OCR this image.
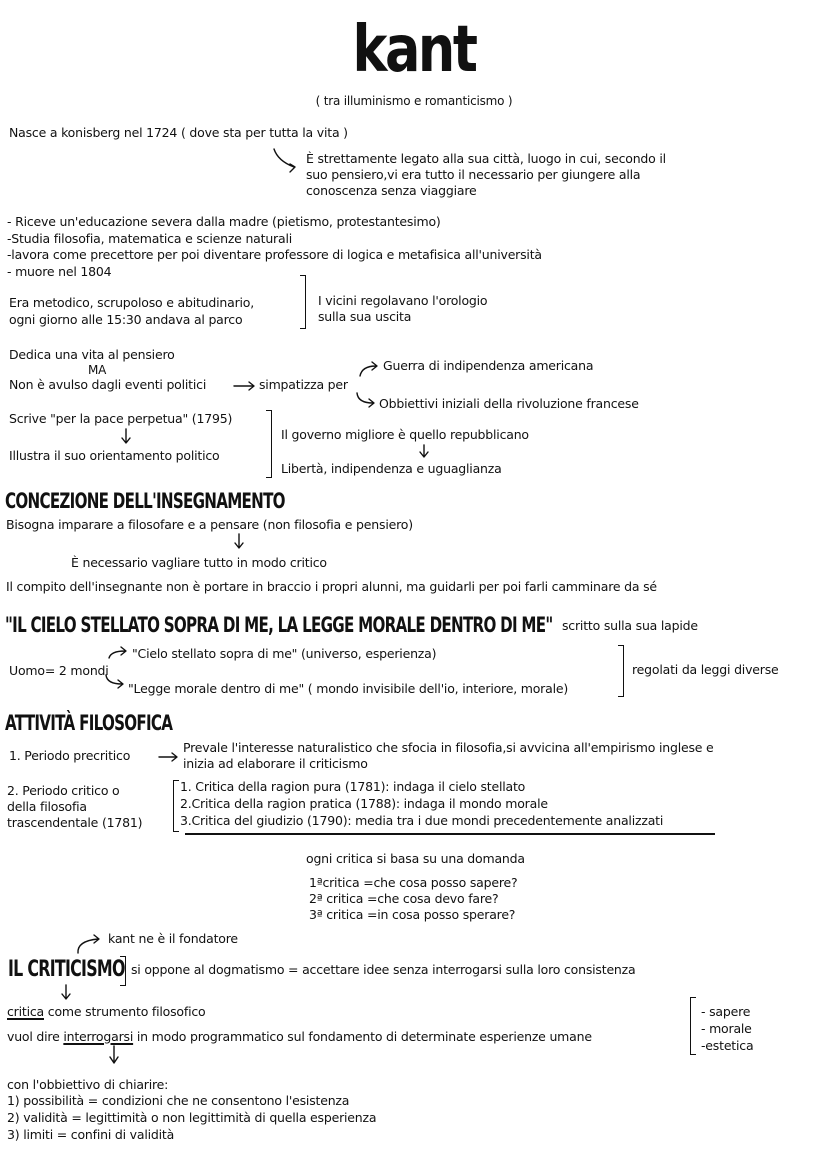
kant
( tra illuminismo e romanticismo )
Nasce a konisberg nel 1724 ( dove sta per tutta la vita )
È strettamente legato alla sua città, luogo in cui, secondo il
suo pensiero,vi era tutto il necessario per giungere alla
conoscenza senza viaggiare
- Riceve un'educazione severa dalla madre (pietismo, protestantesimo)
-Studia filosofia, matematica e scienze naturali
-lavora come precettore per poi diventare professore di logica e metafisica all'università
- muore nel 1804
Era metodico, scrupoloso e abitudinario,
ogni giorno alle 15:30 andava al parco
I vicini regolavano l'orologio
sulla sua uscita
Dedica una vita al pensiero
MA
Non è avulso dagli eventi politici	simpatizza per
Guerra di indipendenza americana
Obbiettivi iniziali della rivoluzione francese
Scrive "per la pace perpetua" (1795)
Illustra il suo orientamento politico
Il governo migliore è quello repubblicano
Libertà, indipendenza e uguaglianza
CONCEZIONE DELL'INSEGNAMENTO
Bisogna imparare a filosofare e a pensare (non filosofia e pensiero)
È necessario vagliare tutto in modo critico
Il compito dell'insegnante non è portare in braccio i propri alunni, ma guidarli per poi farli camminare da sé
"IL CIELO STELLATO SOPRA DI ME, LA LEGGE MORALE DENTRO DI ME" scritto sulla sua lapide
"Cielo stellato sopra di me" (universo, esperienza)
Uomo= 2 mondi
"Legge morale dentro di me" ( mondo invisibile dell'io, interiore, morale)
regolati da leggi diverse
ATTIVITÀ FILOSOFICA
1. Periodo precritico
Prevale l'interesse naturalistico che sfocia in filosofia,si avvicina all'empirismo inglese e
inizia ad elaborare il criticismo
2. Periodo critico o
della filosofia
trascendentale (1781)
1. Critica della ragion pura (1781): indaga il cielo stellato
2.Critica della ragion pratica (1788): indaga il mondo morale
3.Critica del giudizio (1790): media tra i due mondi precedentemente analizzati
ogni critica si basa su una domanda
1ªcritica =che cosa posso sapere?
2ª critica =che cosa devo fare?
3ª critica =in cosa posso sperare?
kant ne è il fondatore
IL CRITICISMO si oppone al dogmatismo = accettare idee senza interrogarsi sulla loro consistenza
critica come strumento filosofico
vuol dire interrogarsi in modo programmatico sul fondamento di determinate esperienze umane
- sapere
- morale
-estetica
con l'obbiettivo di chiarire:
1) possibilità = condizioni che ne consentono l'esistenza
2) validità = legittimità o non legittimità di quella esperienza
3) limiti = confini di validità
